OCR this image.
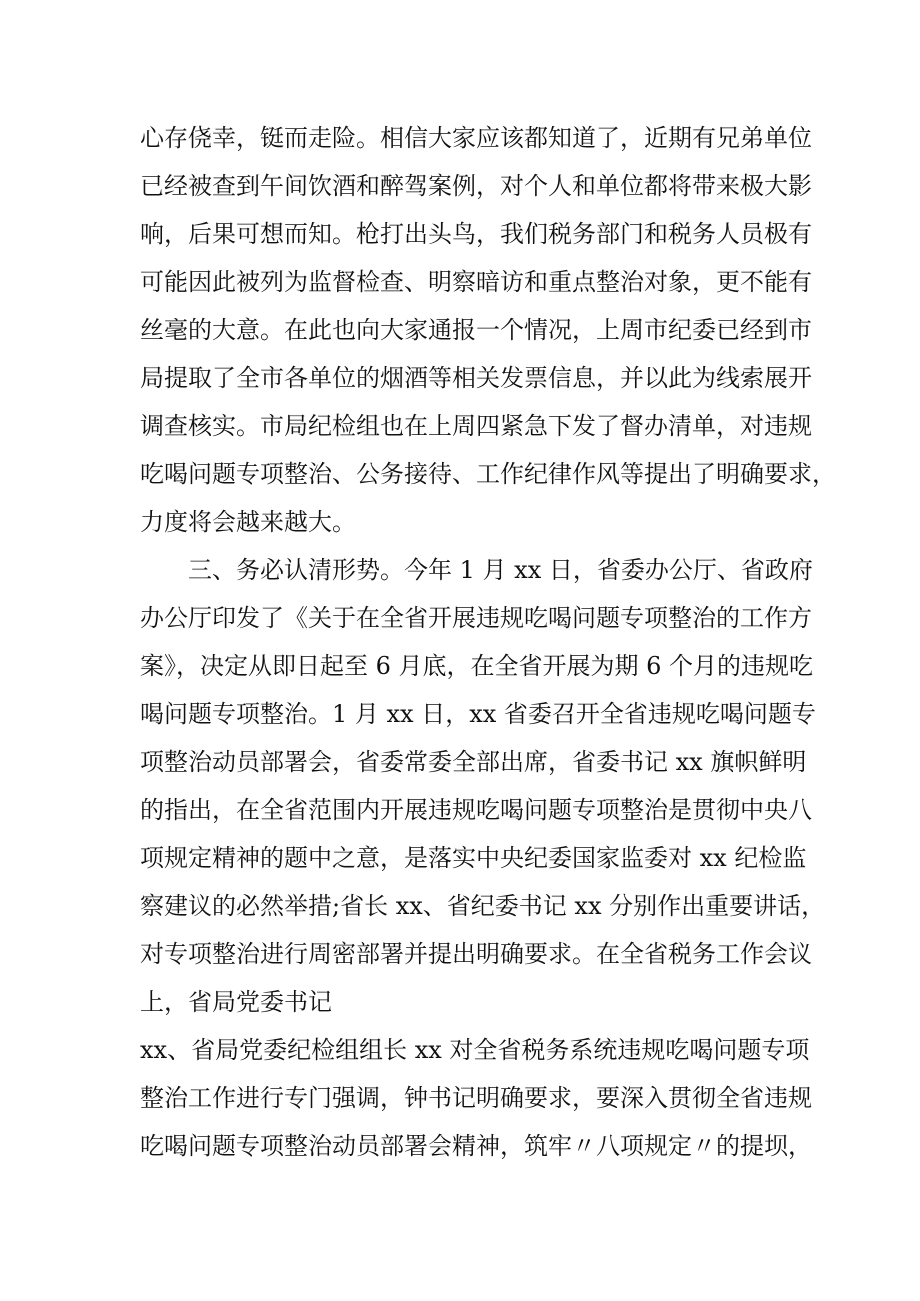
心存侥幸，铤而走险。相信大家应该都知道了，近期有兄弟单位
已经被查到午间饮酒和醉驾案例，对个人和单位都将带来极大影
响，后果可想而知。枪打出头鸟，我们税务部门和税务人员极有
可能因此被列为监督检查、明察暗访和重点整治对象，更不能有
丝毫的大意。在此也向大家通报一个情况，上周市纪委已经到市
局提取了全市各单位的烟酒等相关发票信息，并以此为线索展开
调查核实。市局纪检组也在上周四紧急下发了督办清单，对违规
吃喝问题专项整治、公务接待、工作纪律作风等提出了明确要求，
力度将会越来越大。
三、务必认清形势。今年 1 月 xx 日，省委办公厅、省政府
办公厅印发了《关于在全省开展违规吃喝问题专项整治的工作方
案》，决定从即日起至 6 月底，在全省开展为期 6 个月的违规吃
喝问题专项整治。1 月 xx 日，xx 省委召开全省违规吃喝问题专
项整治动员部署会，省委常委全部出席，省委书记 xx 旗帜鲜明
的指出，在全省范围内开展违规吃喝问题专项整治是贯彻中央八
项规定精神的题中之意，是落实中央纪委国家监委对 xx 纪检监
察建议的必然举措;省长 xx、省纪委书记 xx 分别作出重要讲话，
对专项整治进行周密部署并提出明确要求。在全省税务工作会议
上，省局党委书记
xx、省局党委纪检组组长 xx 对全省税务系统违规吃喝问题专项
整治工作进行专门强调，钟书记明确要求，要深入贯彻全省违规
吃喝问题专项整治动员部署会精神，筑牢〃八项规定〃的提坝，
